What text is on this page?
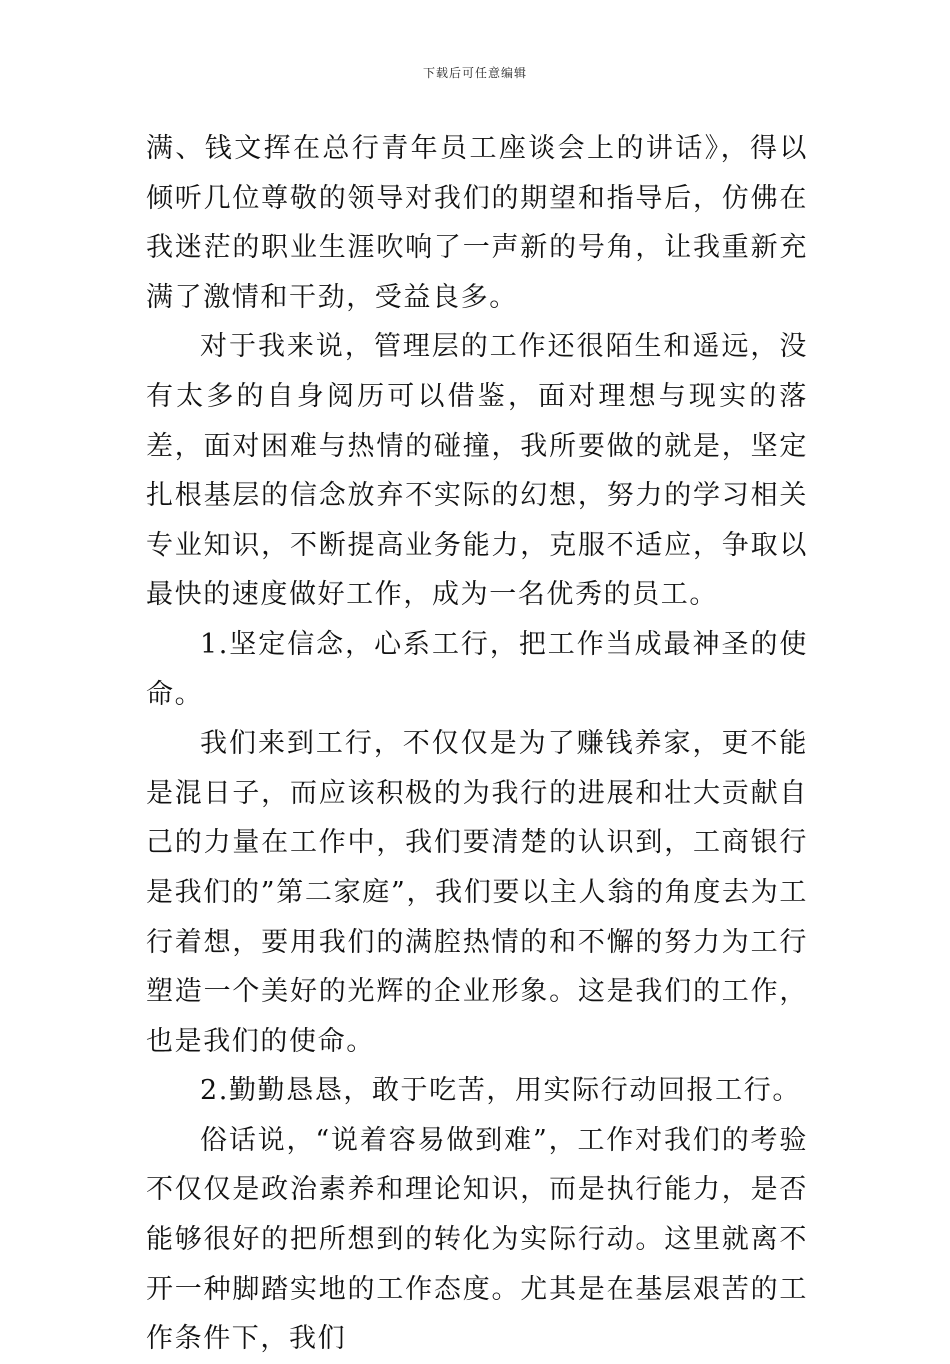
下载后可任意编辑

满、钱文挥在总行青年员工座谈会上的讲话》，得以倾听几位尊敬的领导对我们的期望和指导后，仿佛在我迷茫的职业生涯吹响了一声新的号角，让我重新充满了激情和干劲，受益良多。

对于我来说，管理层的工作还很陌生和遥远，没有太多的自身阅历可以借鉴，面对理想与现实的落差，面对困难与热情的碰撞，我所要做的就是，坚定扎根基层的信念放弃不实际的幻想，努力的学习相关专业知识，不断提高业务能力，克服不适应，争取以最快的速度做好工作，成为一名优秀的员工。

1.坚定信念，心系工行，把工作当成最神圣的使命。

我们来到工行，不仅仅是为了赚钱养家，更不能是混日子，而应该积极的为我行的进展和壮大贡献自己的力量在工作中，我们要清楚的认识到，工商银行是我们的”第二家庭”，我们要以主人翁的角度去为工行着想，要用我们的满腔热情的和不懈的努力为工行塑造一个美好的光辉的企业形象。这是我们的工作，也是我们的使命。

2.勤勤恳恳，敢于吃苦，用实际行动回报工行。

俗话说，“说着容易做到难”，工作对我们的考验不仅仅是政治素养和理论知识，而是执行能力，是否能够很好的把所想到的转化为实际行动。这里就离不开一种脚踏实地的工作态度。尤其是在基层艰苦的工作条件下，我们
